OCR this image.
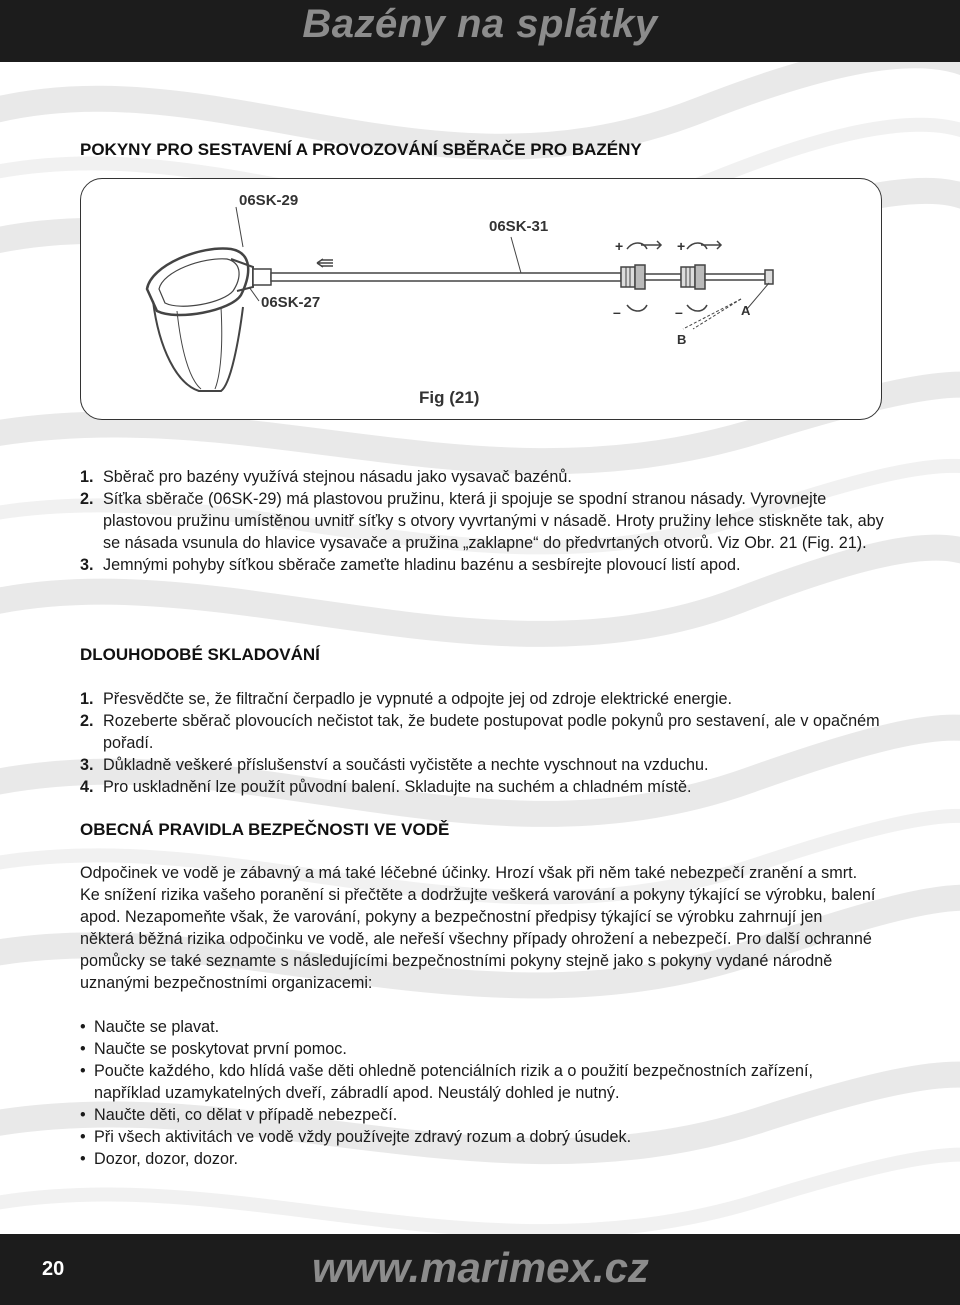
Bazény na splátky
POKYNY PRO SESTAVENÍ A PROVOZOVÁNÍ SBĚRAČE PRO BAZÉNY
+	+
–	–
06SK-29
06SK-31
06SK-27	A
B
Fig (21)
1. Sběrač pro bazény využívá stejnou násadu jako vysavač bazénů.
2. Síťka sběrače (06SK-29) má plastovou pružinu, která ji spojuje se spodní stranou násady. Vyrovnejte plastovou pružinu umístěnou uvnitř síťky s otvory vyvrtanými v násadě. Hroty pružiny lehce stiskněte tak, aby se násada vsunula do hlavice vysavače a pružina „zaklapne“ do předvrtaných otvorů. Viz Obr. 21 (Fig. 21).
3. Jemnými pohyby síťkou sběrače zameťte hladinu bazénu a sesbírejte plovoucí listí apod.
DLOUHODOBÉ SKLADOVÁNÍ
1. Přesvědčte se, že filtrační čerpadlo je vypnuté a odpojte jej od zdroje elektrické energie.
2. Rozeberte sběrač plovoucích nečistot tak, že budete postupovat podle pokynů pro sestavení, ale v opačném pořadí.
3. Důkladně veškeré příslušenství a součásti vyčistěte a nechte vyschnout na vzduchu.
4. Pro uskladnění lze použít původní balení. Skladujte na suchém a chladném místě.
OBECNÁ PRAVIDLA BEZPEČNOSTI VE VODĚ

Odpočinek ve vodě je zábavný a má také léčebné účinky. Hrozí však při něm také nebezpečí zranění a smrt. Ke snížení rizika vašeho poranění si přečtěte a dodržujte veškerá varování a pokyny týkající se výrobku, balení apod. Nezapomeňte však, že varování, pokyny a bezpečnostní předpisy týkající se výrobku zahrnují jen některá běžná rizika odpočinku ve vodě, ale neřeší všechny případy ohrožení a nebezpečí. Pro další ochranné pomůcky se také seznamte s následujícími bezpečnostními pokyny stejně jako s pokyny vydané národně uznanými bezpečnostními organizacemi:

• Naučte se plavat.
• Naučte se poskytovat první pomoc.
• Poučte každého, kdo hlídá vaše děti ohledně potenciálních rizik a o použití bezpečnostních zařízení, například uzamykatelných dveří, zábradlí apod. Neustálý dohled je nutný.
• Naučte děti, co dělat v případě nebezpečí.
• Při všech aktivitách ve vodě vždy používejte zdravý rozum a dobrý úsudek.
• Dozor, dozor, dozor.
20	www.marimex.cz
